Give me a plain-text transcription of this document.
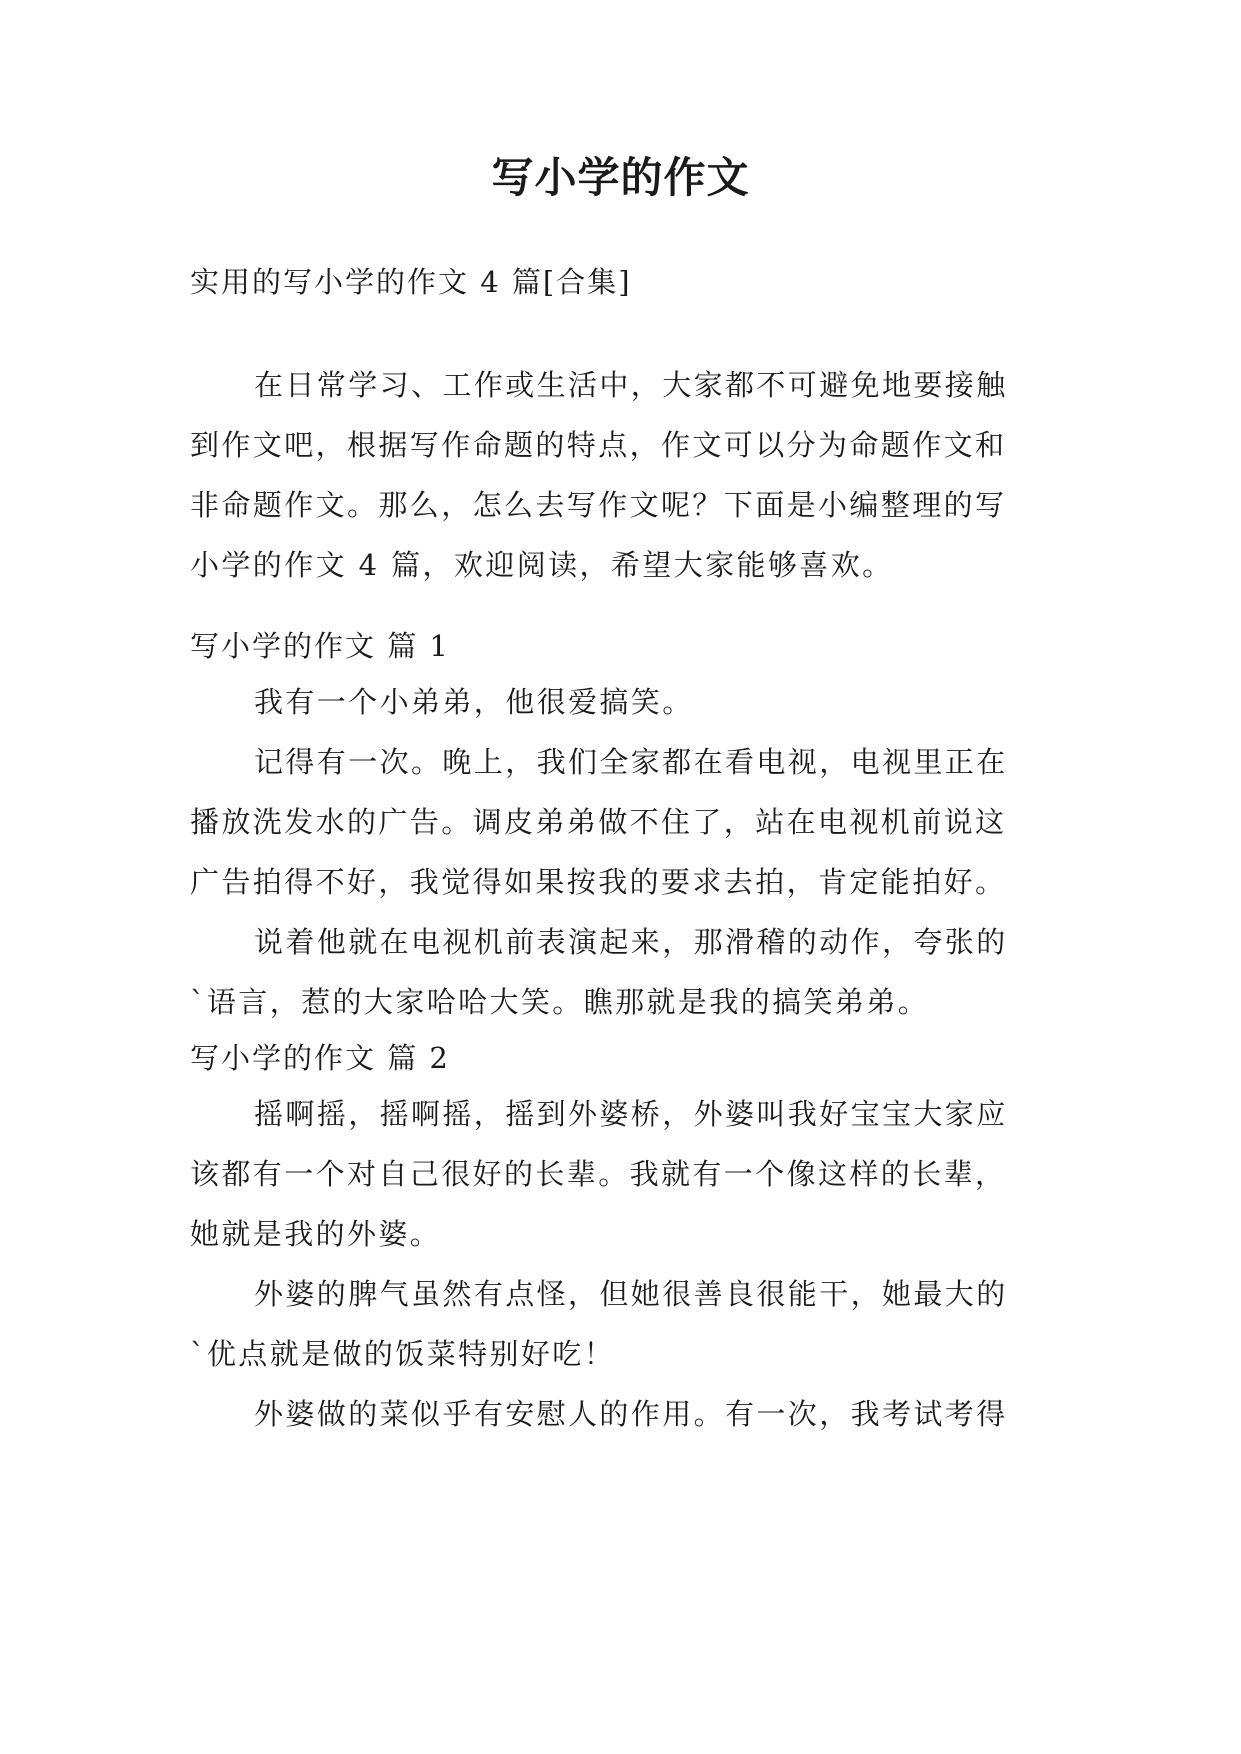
写小学的作文
实用的写小学的作文 4 篇[合集]
在日常学习、工作或生活中，大家都不可避免地要接触
到作文吧，根据写作命题的特点，作文可以分为命题作文和
非命题作文。那么，怎么去写作文呢？下面是小编整理的写
小学的作文 4 篇，欢迎阅读，希望大家能够喜欢。
写小学的作文 篇 1
我有一个小弟弟，他很爱搞笑。
记得有一次。晚上，我们全家都在看电视，电视里正在
播放洗发水的广告。调皮弟弟做不住了，站在电视机前说这
广告拍得不好，我觉得如果按我的要求去拍，肯定能拍好。
说着他就在电视机前表演起来，那滑稽的动作，夸张的
`语言，惹的大家哈哈大笑。瞧那就是我的搞笑弟弟。
写小学的作文 篇 2
摇啊摇，摇啊摇，摇到外婆桥，外婆叫我好宝宝大家应
该都有一个对自己很好的长辈。我就有一个像这样的长辈，
她就是我的外婆。
外婆的脾气虽然有点怪，但她很善良很能干，她最大的
`优点就是做的饭菜特别好吃！
外婆做的菜似乎有安慰人的作用。有一次，我考试考得
